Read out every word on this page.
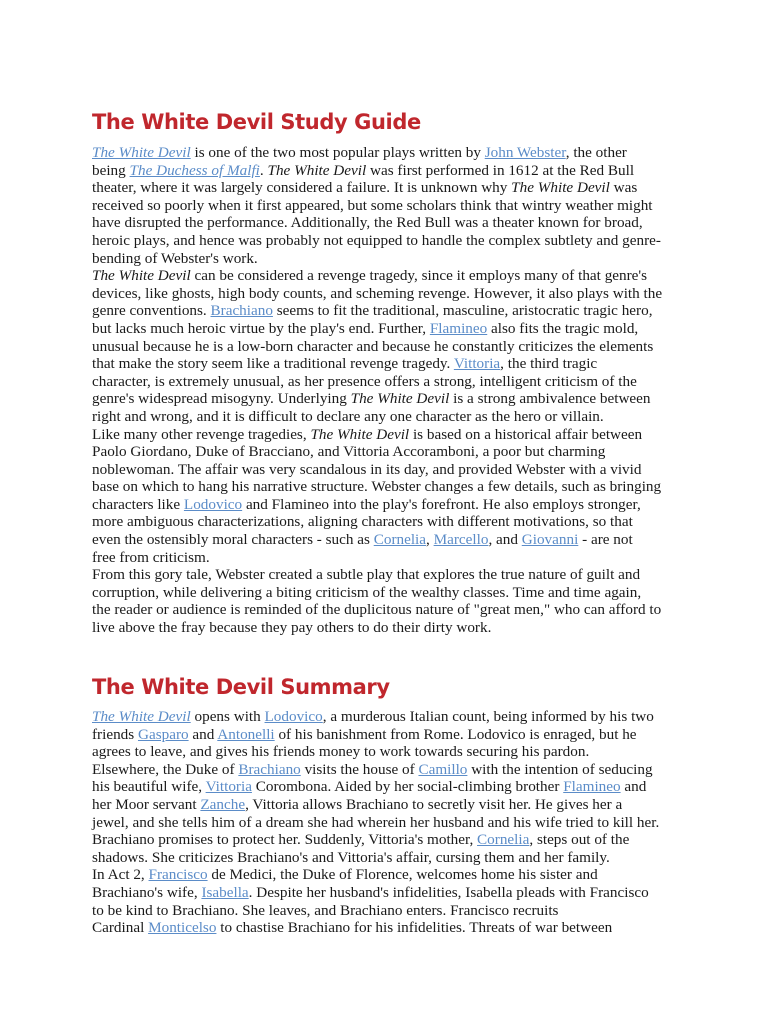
The White Devil Study Guide
The White Devil is one of the two most popular plays written by John Webster, the other
being The Duchess of Malfi. The White Devil was first performed in 1612 at the Red Bull
theater, where it was largely considered a failure. It is unknown why The White Devil was
received so poorly when it first appeared, but some scholars think that wintry weather might
have disrupted the performance. Additionally, the Red Bull was a theater known for broad,
heroic plays, and hence was probably not equipped to handle the complex subtlety and genre-
bending of Webster's work.
The White Devil can be considered a revenge tragedy, since it employs many of that genre's
devices, like ghosts, high body counts, and scheming revenge. However, it also plays with the
genre conventions. Brachiano seems to fit the traditional, masculine, aristocratic tragic hero,
but lacks much heroic virtue by the play's end. Further, Flamineo also fits the tragic mold,
unusual because he is a low-born character and because he constantly criticizes the elements
that make the story seem like a traditional revenge tragedy. Vittoria, the third tragic
character, is extremely unusual, as her presence offers a strong, intelligent criticism of the
genre's widespread misogyny. Underlying The White Devil is a strong ambivalence between
right and wrong, and it is difficult to declare any one character as the hero or villain.
Like many other revenge tragedies, The White Devil is based on a historical affair between
Paolo Giordano, Duke of Bracciano, and Vittoria Accoramboni, a poor but charming
noblewoman. The affair was very scandalous in its day, and provided Webster with a vivid
base on which to hang his narrative structure. Webster changes a few details, such as bringing
characters like Lodovico and Flamineo into the play's forefront. He also employs stronger,
more ambiguous characterizations, aligning characters with different motivations, so that
even the ostensibly moral characters - such as Cornelia, Marcello, and Giovanni - are not
free from criticism.
From this gory tale, Webster created a subtle play that explores the true nature of guilt and
corruption, while delivering a biting criticism of the wealthy classes. Time and time again,
the reader or audience is reminded of the duplicitous nature of "great men," who can afford to
live above the fray because they pay others to do their dirty work.
The White Devil Summary
The White Devil opens with Lodovico, a murderous Italian count, being informed by his two
friends Gasparo and Antonelli of his banishment from Rome. Lodovico is enraged, but he
agrees to leave, and gives his friends money to work towards securing his pardon.
Elsewhere, the Duke of Brachiano visits the house of Camillo with the intention of seducing
his beautiful wife, Vittoria Corombona. Aided by her social-climbing brother Flamineo and
her Moor servant Zanche, Vittoria allows Brachiano to secretly visit her. He gives her a
jewel, and she tells him of a dream she had wherein her husband and his wife tried to kill her.
Brachiano promises to protect her. Suddenly, Vittoria's mother, Cornelia, steps out of the
shadows. She criticizes Brachiano's and Vittoria's affair, cursing them and her family.
In Act 2, Francisco de Medici, the Duke of Florence, welcomes home his sister and
Brachiano's wife, Isabella. Despite her husband's infidelities, Isabella pleads with Francisco
to be kind to Brachiano. She leaves, and Brachiano enters. Francisco recruits
Cardinal Monticelso to chastise Brachiano for his infidelities. Threats of war between
